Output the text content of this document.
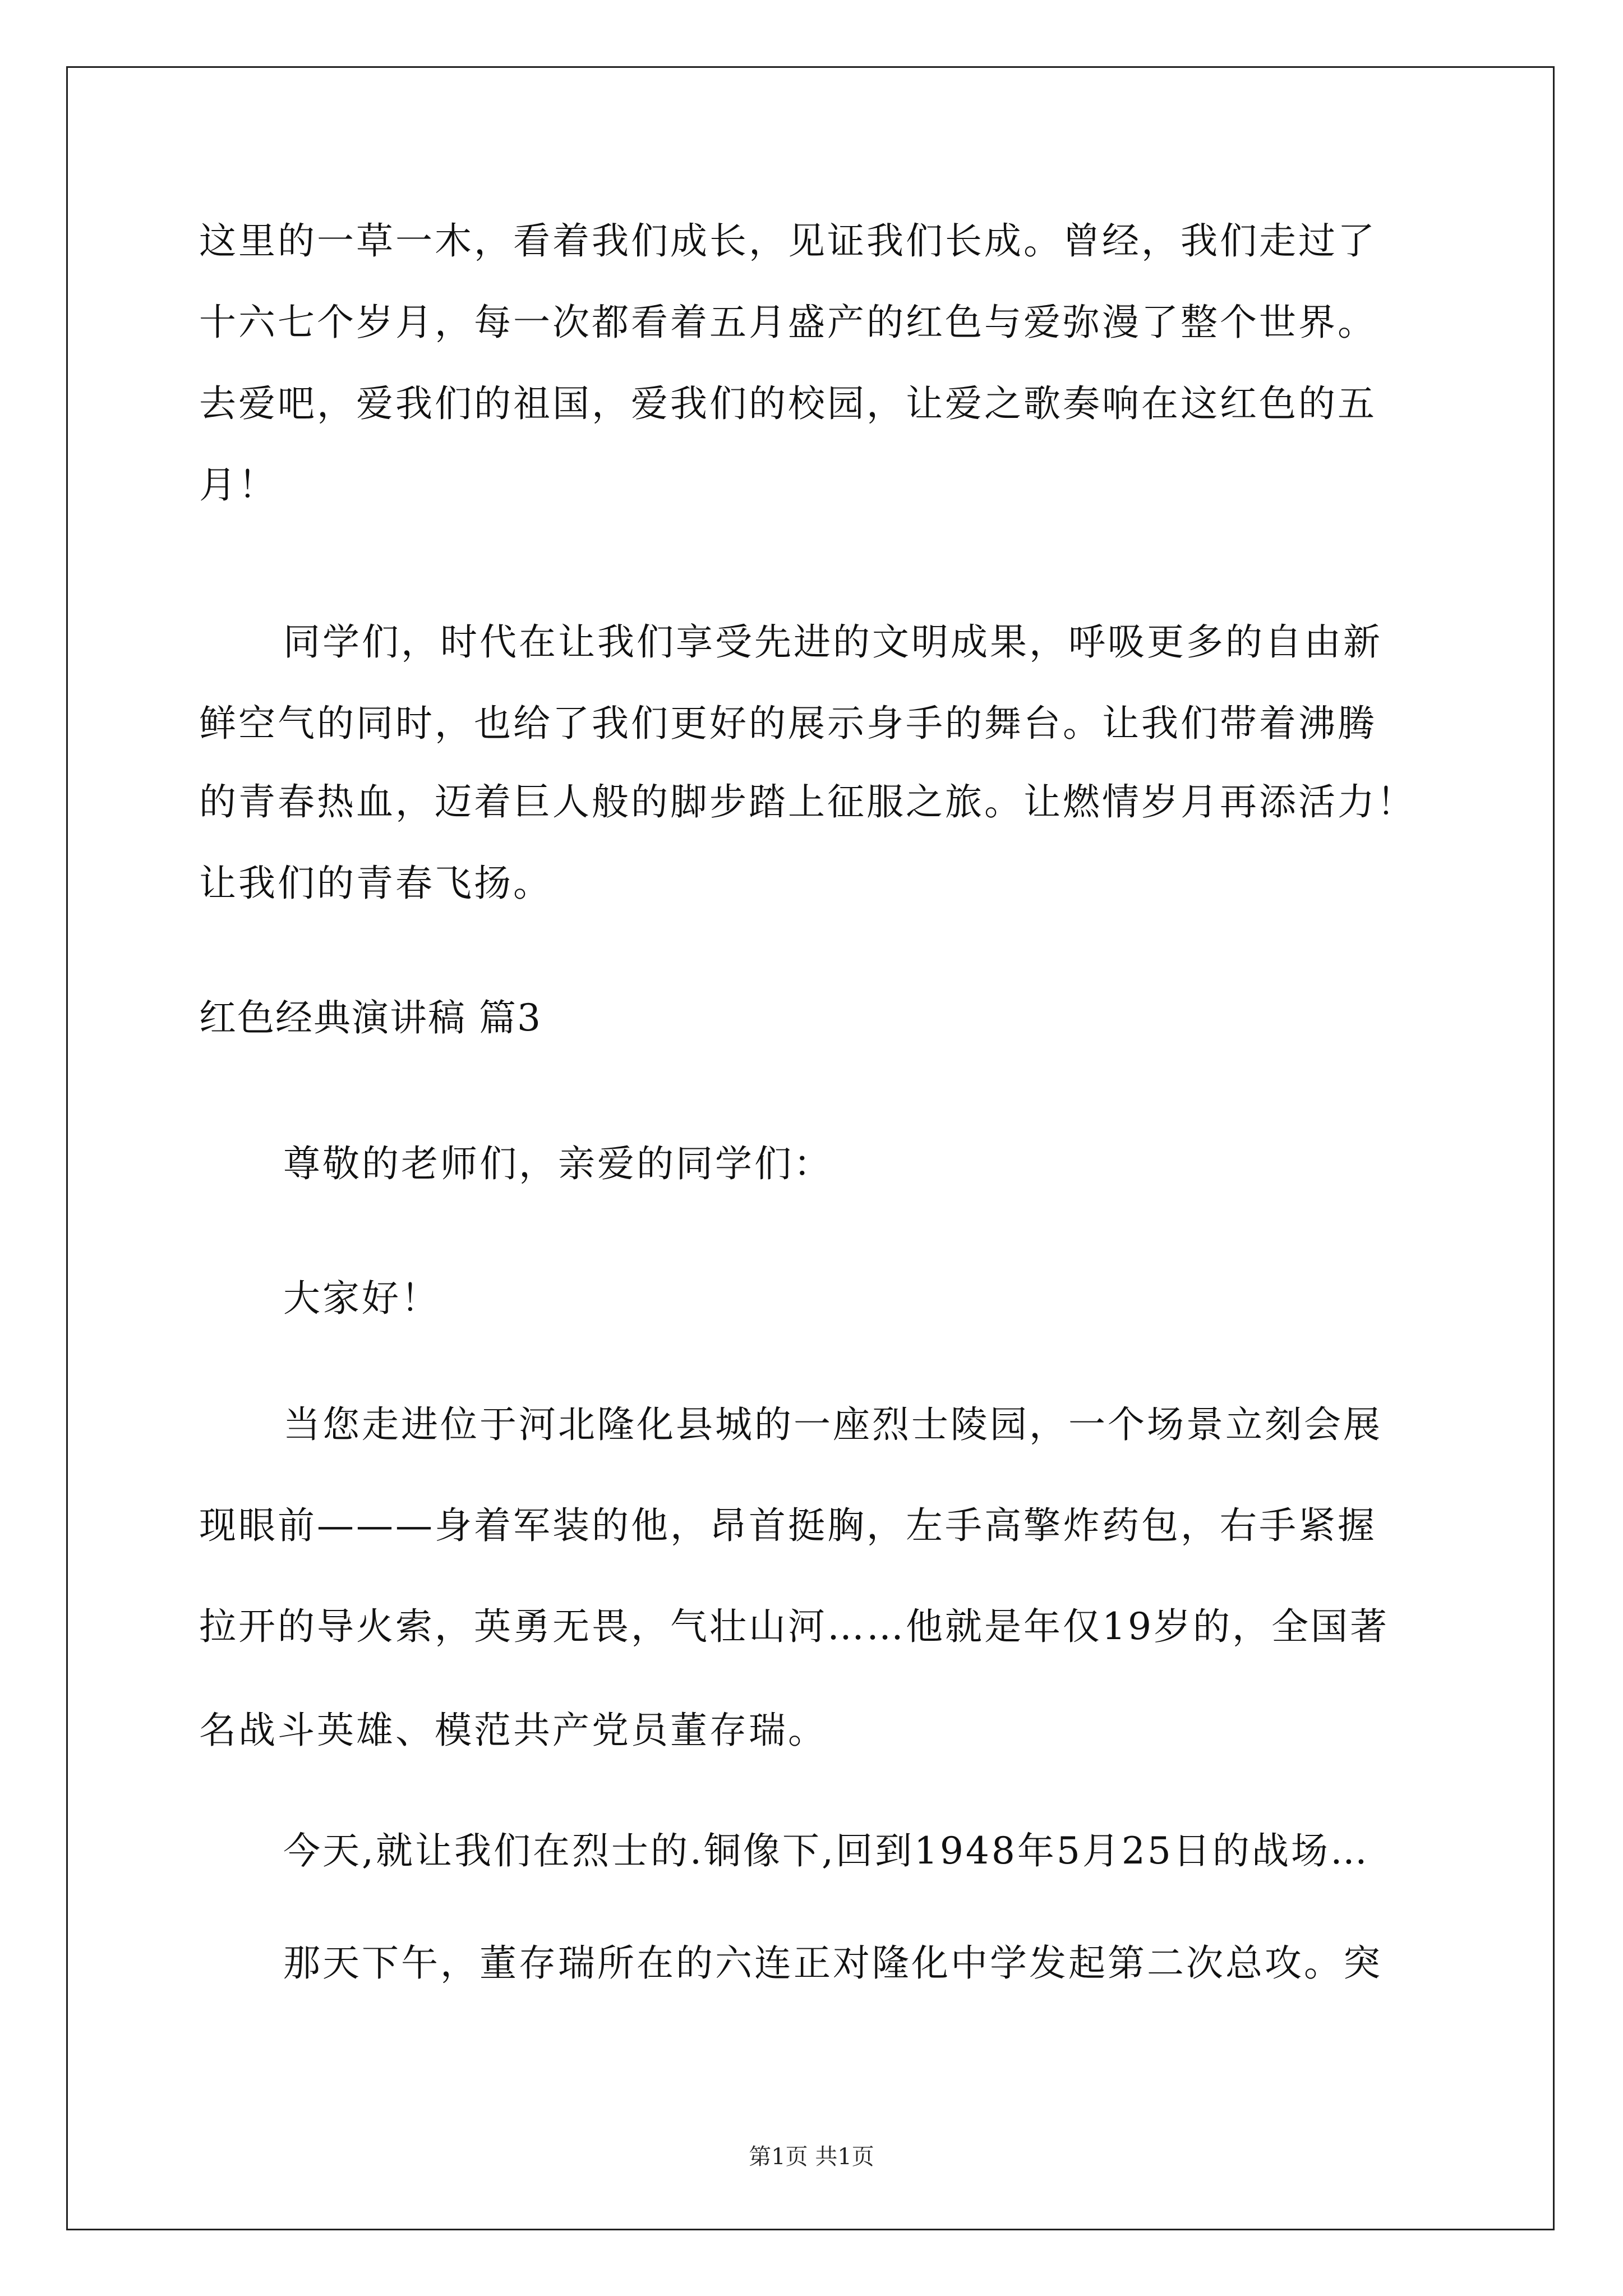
这里的一草一木，看着我们成长，见证我们长成。曾经，我们走过了
十六七个岁月，每一次都看着五月盛产的红色与爱弥漫了整个世界。
去爱吧，爱我们的祖国，爱我们的校园，让爱之歌奏响在这红色的五
月！
同学们，时代在让我们享受先进的文明成果，呼吸更多的自由新
鲜空气的同时，也给了我们更好的展示身手的舞台。让我们带着沸腾
的青春热血，迈着巨人般的脚步踏上征服之旅。让燃情岁月再添活力！
让我们的青春飞扬。
红色经典演讲稿 篇3
尊敬的老师们，亲爱的同学们：
大家好！
当您走进位于河北隆化县城的一座烈士陵园，一个场景立刻会展
现眼前———身着军装的他，昂首挺胸，左手高擎炸药包，右手紧握
拉开的导火索，英勇无畏，气壮山河……他就是年仅19岁的，全国著
名战斗英雄、模范共产党员董存瑞。
今天,就让我们在烈士的.铜像下,回到1948年5月25日的战场…
那天下午，董存瑞所在的六连正对隆化中学发起第二次总攻。突
第1页 共1页
